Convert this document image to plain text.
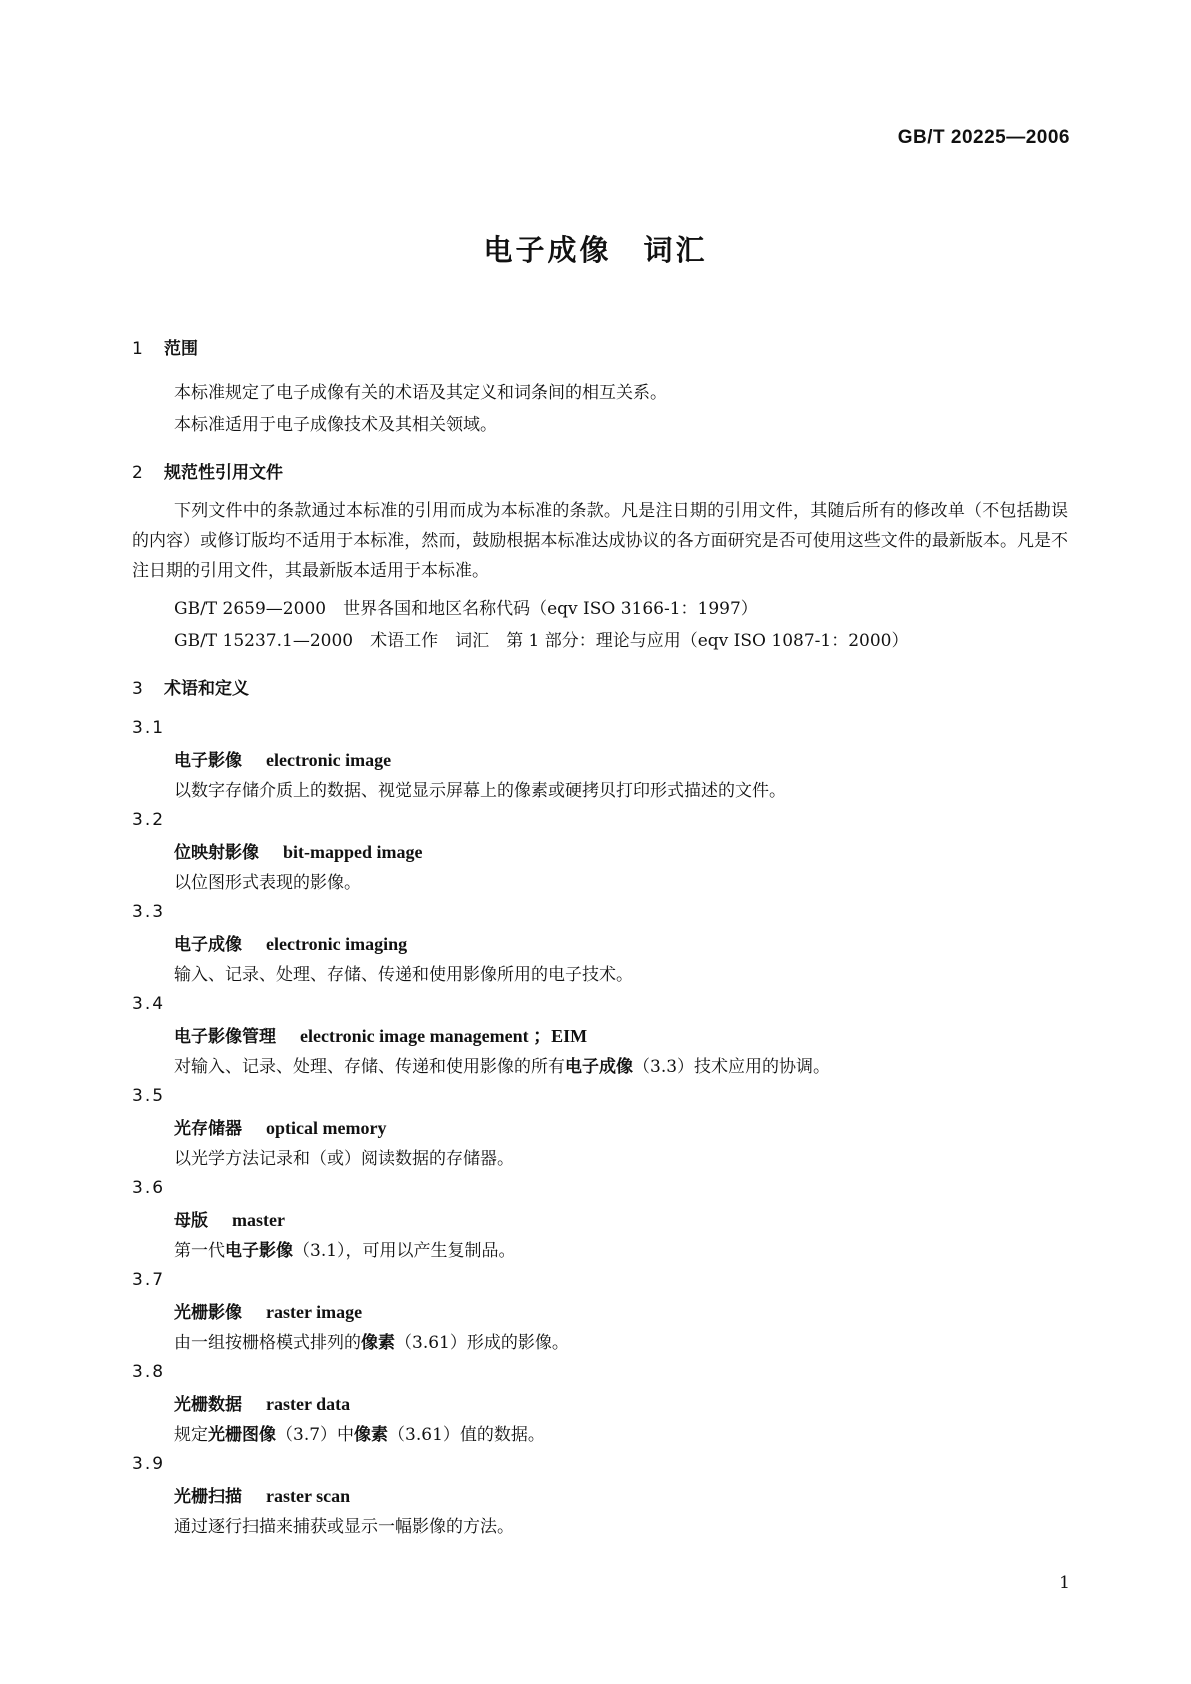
GB/T 20225—2006
电子成像　词汇
1 范围
本标准规定了电子成像有关的术语及其定义和词条间的相互关系。
本标准适用于电子成像技术及其相关领域。
2 规范性引用文件
下列文件中的条款通过本标准的引用而成为本标准的条款。凡是注日期的引用文件，其随后所有的修改单（不包括勘误的内容）或修订版均不适用于本标准，然而，鼓励根据本标准达成协议的各方面研究是否可使用这些文件的最新版本。凡是不注日期的引用文件，其最新版本适用于本标准。
GB/T 2659—2000　世界各国和地区名称代码（eqv ISO 3166-1：1997）
GB/T 15237.1—2000　术语工作　词汇　第 1 部分：理论与应用（eqv ISO 1087-1：2000）
3 术语和定义
3.1
电子影像 electronic image
以数字存储介质上的数据、视觉显示屏幕上的像素或硬拷贝打印形式描述的文件。
3.2
位映射影像 bit-mapped image
以位图形式表现的影像。
3.3
电子成像 electronic imaging
输入、记录、处理、存储、传递和使用影像所用的电子技术。
3.4
电子影像管理 electronic image management ；EIM
对输入、记录、处理、存储、传递和使用影像的所有电子成像（3.3）技术应用的协调。
3.5
光存储器 optical memory
以光学方法记录和（或）阅读数据的存储器。
3.6
母版 master
第一代电子影像（3.1），可用以产生复制品。
3.7
光栅影像 raster image
由一组按栅格模式排列的像素（3.61）形成的影像。
3.8
光栅数据 raster data
规定光栅图像（3.7）中像素（3.61）值的数据。
3.9
光栅扫描 raster scan
通过逐行扫描来捕获或显示一幅影像的方法。
1
